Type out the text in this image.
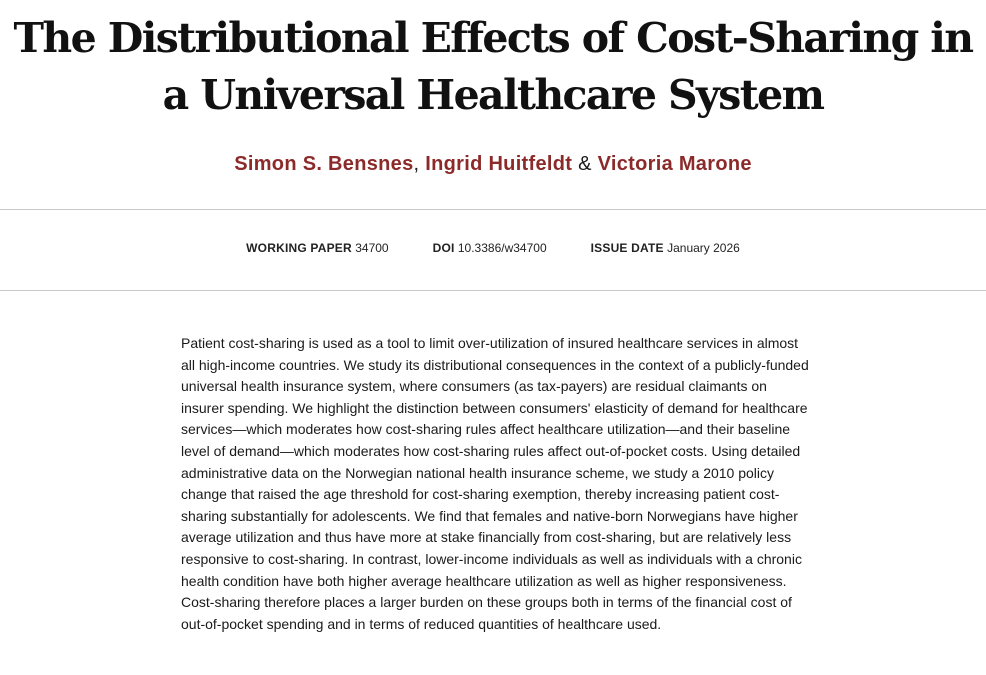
The Distributional Effects of Cost-Sharing in a Universal Healthcare System
Simon S. Bensnes, Ingrid Huitfeldt & Victoria Marone
WORKING PAPER 34700	DOI 10.3386/w34700	ISSUE DATE January 2026

Patient cost-sharing is used as a tool to limit over-utilization of insured healthcare services in almost all high-income countries. We study its distributional consequences in the context of a publicly-funded universal health insurance system, where consumers (as tax-payers) are residual claimants on insurer spending. We highlight the distinction between consumers' elasticity of demand for healthcare services—which moderates how cost-sharing rules affect healthcare utilization—and their baseline level of demand—which moderates how cost-sharing rules affect out-of-pocket costs. Using detailed administrative data on the Norwegian national health insurance scheme, we study a 2010 policy change that raised the age threshold for cost-sharing exemption, thereby increasing patient cost-sharing substantially for adolescents. We find that females and native-born Norwegians have higher average utilization and thus have more at stake financially from cost-sharing, but are relatively less responsive to cost-sharing. In contrast, lower-income individuals as well as individuals with a chronic health condition have both higher average healthcare utilization as well as higher responsiveness. Cost-sharing therefore places a larger burden on these groups both in terms of the financial cost of out-of-pocket spending and in terms of reduced quantities of healthcare used.
